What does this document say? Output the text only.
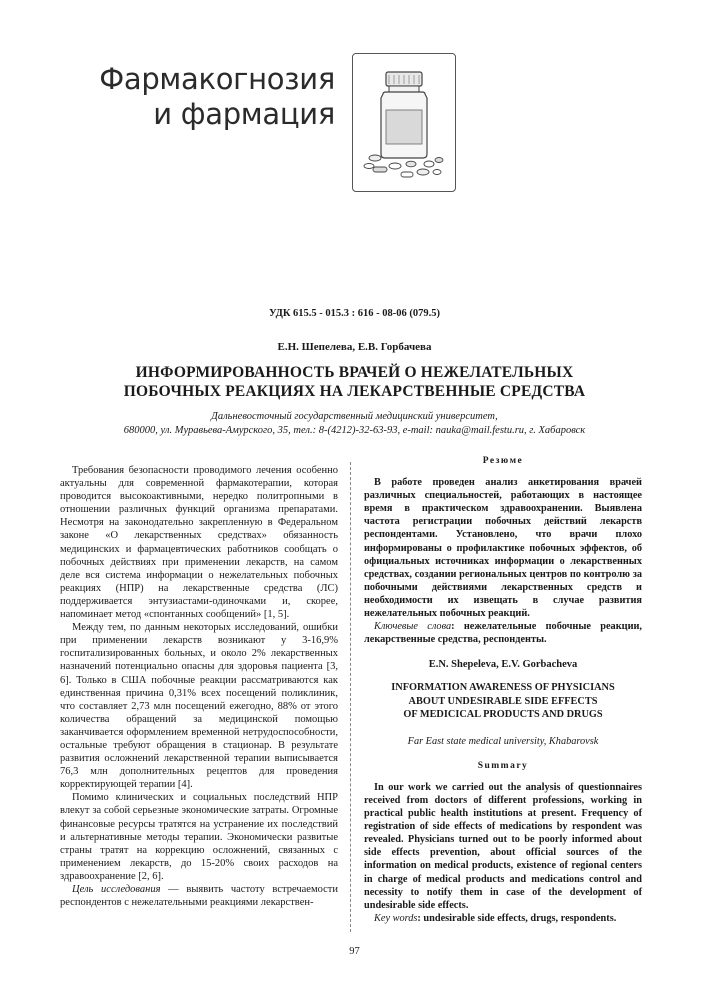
Фармакогнозия
и фармация
УДК 615.5 - 015.3 : 616 - 08-06 (079.5)
Е.Н. Шепелева, Е.В. Горбачева
ИНФОРМИРОВАННОСТЬ ВРАЧЕЙ О НЕЖЕЛАТЕЛЬНЫХ
ПОБОЧНЫХ РЕАКЦИЯХ НА ЛЕКАРСТВЕННЫЕ СРЕДСТВА
Дальневосточный государственный медицинский университет,
680000, ул. Муравьева-Амурского, 35, тел.: 8-(4212)-32-63-93, e-mail: nauka@mail.festu.ru, г. Хабаровск

Требования безопасности проводимого лечения особенно актуальны для современной фармакотерапии, которая проводится высокоактивными, нередко политропными в отношении различных функций организма препаратами. Несмотря на законодательно закрепленную в Федеральном законе «О лекарственных средствах» обязанность медицинских и фармацевтических работников сообщать о побочных действиях при применении лекарств, на самом деле вся система информации о нежелательных побочных реакциях (НПР) на лекарственные средства (ЛС) поддерживается энтузиастами-одиночками и, скорее, напоминает метод «спонтанных сообщений» [1, 5].

Между тем, по данным некоторых исследований, ошибки при применении лекарств возникают у 3-16,9% госпитализированных больных, и около 2% лекарственных назначений потенциально опасны для здоровья пациента [3, 6]. Только в США побочные реакции рассматриваются как единственная причина 0,31% всех посещений поликлиник, что составляет 2,73 млн посещений ежегодно, 88% от этого количества обращений за медицинской помощью заканчивается оформлением временной нетрудоспособности, остальные требуют обращения в стационар. В результате развития осложнений лекарственной терапии выписывается 76,3 млн дополнительных рецептов для проведения корректирующей терапии [4].

Помимо клинических и социальных последствий НПР влекут за собой серьезные экономические затраты. Огромные финансовые ресурсы тратятся на устранение их последствий и альтернативные методы терапии. Экономически развитые страны тратят на коррекцию осложнений, связанных с применением лекарств, до 15-20% своих расходов на здравоохранение [2, 6].

Цель исследования — выявить частоту встречаемости респондентов с нежелательными реакциями лекарствен-

Резюме

В работе проведен анализ анкетирования врачей различных специальностей, работающих в настоящее время в практическом здравоохранении. Выявлена частота регистрации побочных действий лекарств респондентами. Установлено, что врачи плохо информированы о профилактике побочных эффектов, об официальных источниках информации о лекарственных средствах, создании региональных центров по контролю за побочными действиями лекарственных средств и необходимости их извещать в случае развития нежелательных побочных реакций.

Ключевые слова: нежелательные побочные реакции, лекарственные средства, респонденты.

E.N. Shepeleva, E.V. Gorbacheva
INFORMATION AWARENESS OF PHYSICIANS
ABOUT UNDESIRABLE SIDE EFFECTS
OF MEDICICAL PRODUCTS AND DRUGS
Far East state medical university, Khabarovsk
Summary

In our work we carried out the analysis of questionnaires received from doctors of different professions, working in practical public health institutions at present. Frequency of registration of side effects of medications by respondent was revealed. Physicians turned out to be poorly informed about side effects prevention, about official sources of the information on medical products, existence of regional centers in charge of medical products and medications control and necessity to notify them in case of the development of undesirable side effects.

Key words: undesirable side effects, drugs, respondents.

97
